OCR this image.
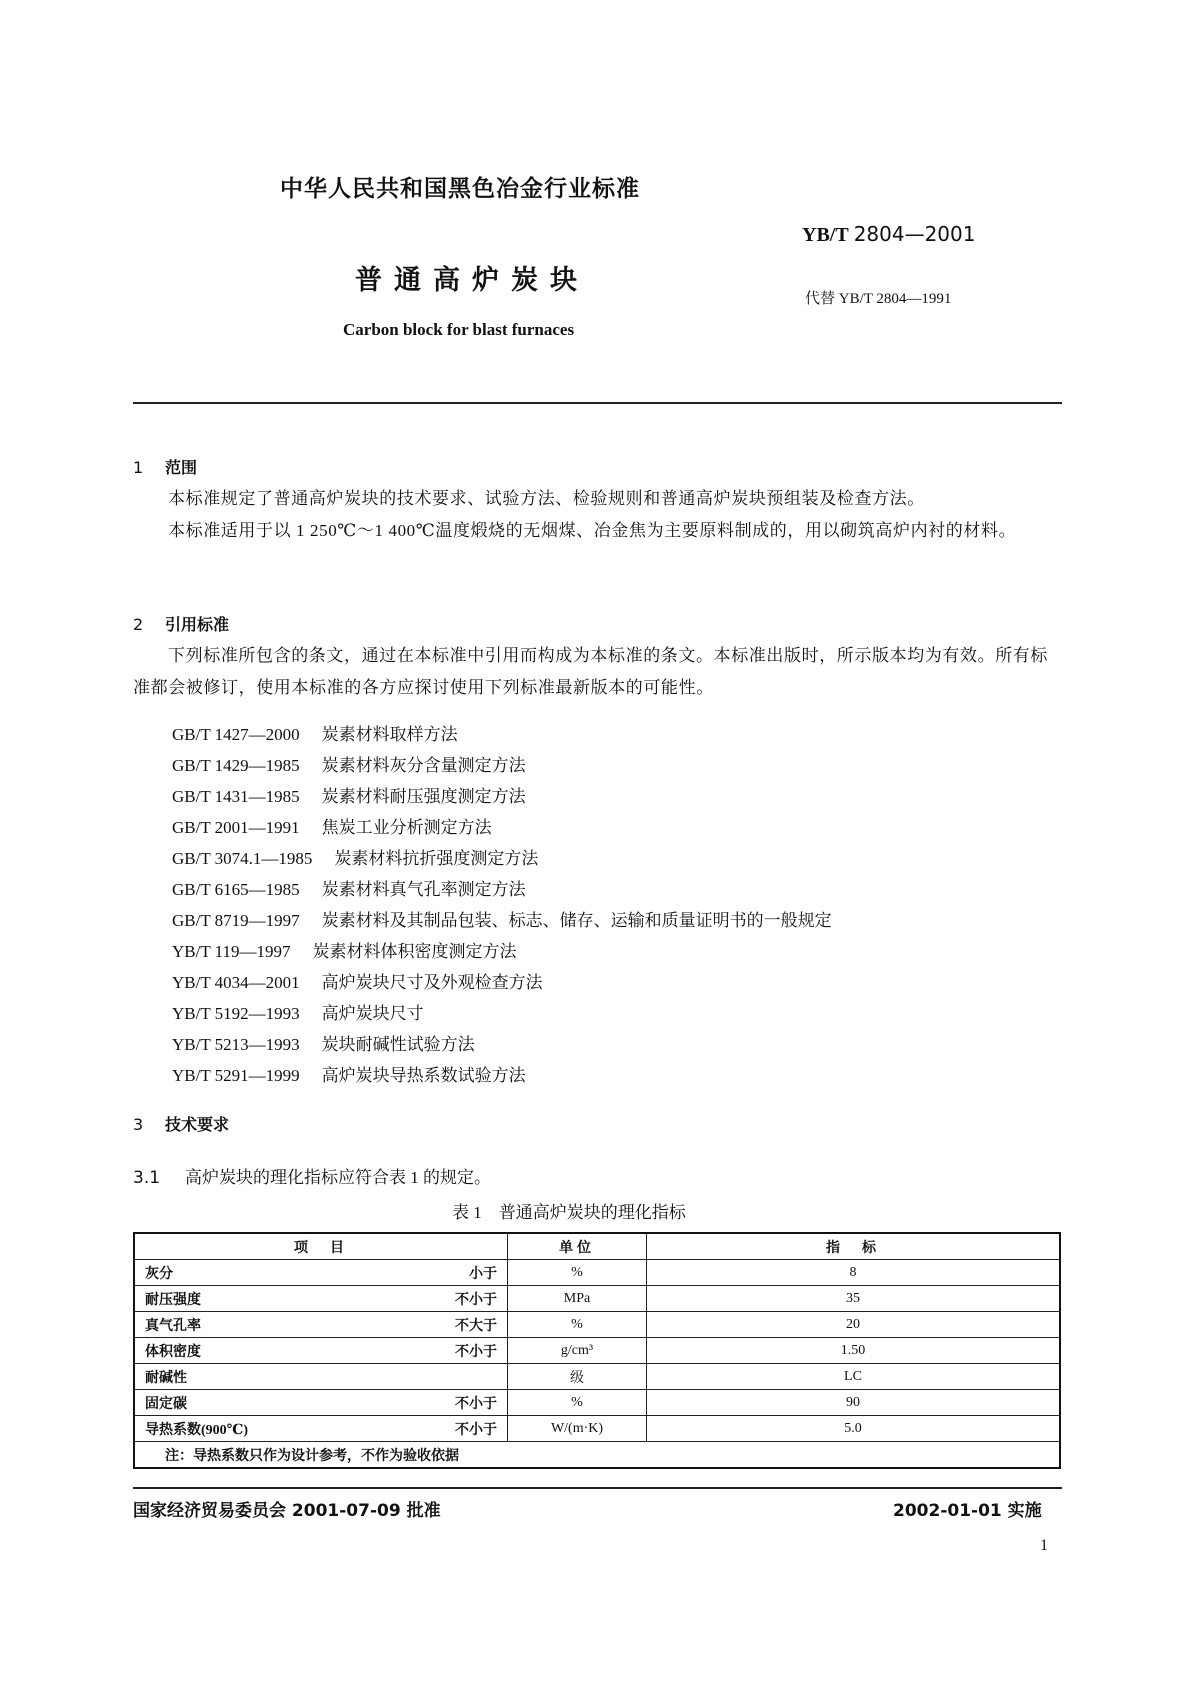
中华人民共和国黑色冶金行业标准
YB/T 2804—2001
普通高炉炭块
代替 YB/T 2804—1991
Carbon block for blast furnaces
1 范围
本标准规定了普通高炉炭块的技术要求、试验方法、检验规则和普通高炉炭块预组装及检查方法。
本标准适用于以 1 250℃～1 400℃温度煅烧的无烟煤、冶金焦为主要原料制成的，用以砌筑高炉内衬的材料。
2 引用标准
下列标准所包含的条文，通过在本标准中引用而构成为本标准的条文。本标准出版时，所示版本均为有效。所有标准都会被修订，使用本标准的各方应探讨使用下列标准最新版本的可能性。
GB/T 1427—2000 炭素材料取样方法
GB/T 1429—1985 炭素材料灰分含量测定方法
GB/T 1431—1985 炭素材料耐压强度测定方法
GB/T 2001—1991 焦炭工业分析测定方法
GB/T 3074.1—1985 炭素材料抗折强度测定方法
GB/T 6165—1985 炭素材料真气孔率测定方法
GB/T 8719—1997 炭素材料及其制品包装、标志、储存、运输和质量证明书的一般规定
YB/T 119—1997 炭素材料体积密度测定方法
YB/T 4034—2001 高炉炭块尺寸及外观检查方法
YB/T 5192—1993 高炉炭块尺寸
YB/T 5213—1993 炭块耐碱性试验方法
YB/T 5291—1999 高炉炭块导热系数试验方法
3 技术要求
3.1 高炉炭块的理化指标应符合表 1 的规定。
表 1　普通高炉炭块的理化指标
项　目	单位	指　标

灰分 小于	%	8

耐压强度 不小于	MPa	35

真气孔率 不大于	%	20

体积密度 不小于	g/cm³	1.50

耐碱性	级	LC

固定碳 不小于	%	90

导热系数(900℃) 不小于	W/(m·K)	5.0
注：导热系数只作为设计参考，不作为验收依据		
国家经济贸易委员会 2001-07-09 批准	2002-01-01 实施
1
